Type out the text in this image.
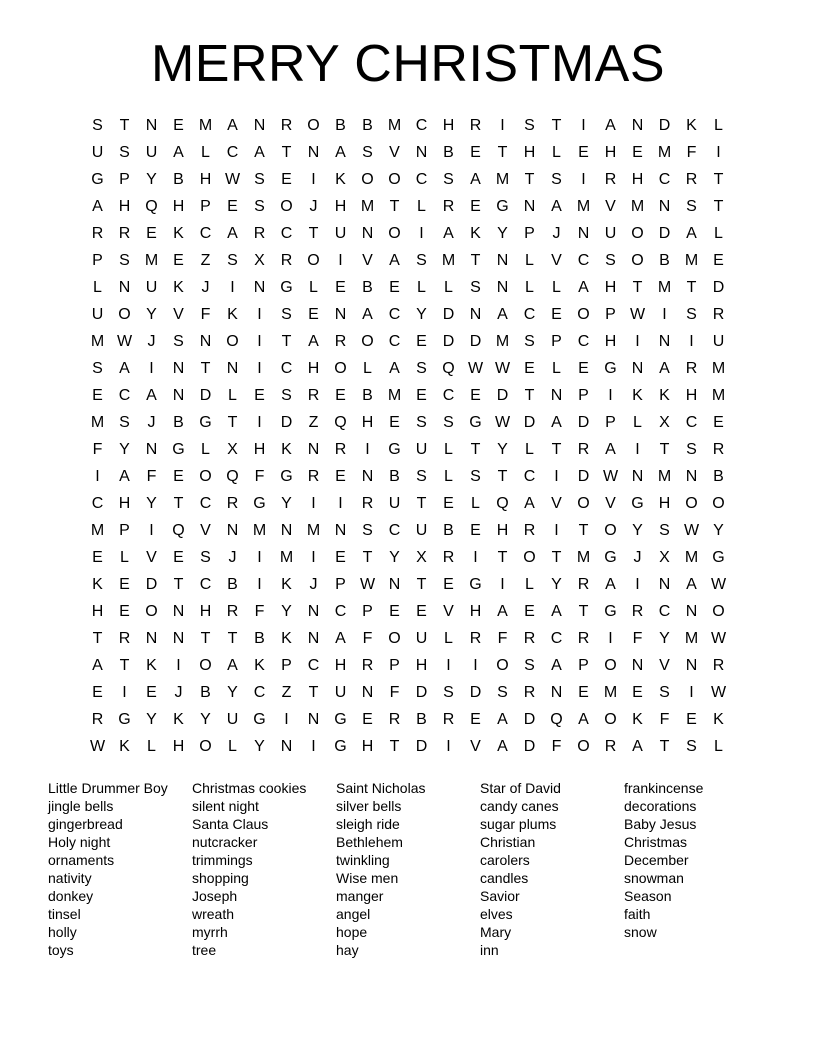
MERRY CHRISTMAS
S	T	N E M A N R O B	B M C H R	I	S	T	I	A N D K	L
U S U A	L	C A	T	N A	S	V N B	E	T	H	L	E H E M F	I
G P	Y	B H W S	E	I	K O O C S	A M T	S	I	R H C R	T
A H Q H P	E	S O	J	H M T	L	R E G N A M V M N S	T
R R E	K C A R C	T	U N O	I	A	K	Y	P	J	N U O D A	L
P	S M E	Z	S	X R O	I	V	A	S M T	N	L	V C S O B M E
L	N U K	J	I	N G	L	E	B	E	L	L	S N	L	L	A H	T M T	D
U O Y	V	F	K	I	S	E N A C Y D N A C E O P W	I	S R
M W J	S N O	I	T	A R O C E D D M S	P C H	I	N	I	U
S	A	I	N	T	N	I	C H O	L	A	S Q W W E	L	E G N A R M
E C A N D	L	E	S R E	B M E C E D	T	N P	I	K	K H M
M S	J	B G T	I	D	Z Q H E	S	S G W D A D P	L	X C E
F	Y N G	L	X H K N R	I	G U	L	T	Y	L	T	R A	I	T	S R
I	A	F	E O Q F G R E N B	S	L	S	T	C	I	D W N M N B
C H Y	T	C R G Y	I	I	R U	T	E	L	Q A	V O V G H O O
M P	I	Q V N M N M N S C U B	E H R	I	T O Y	S W Y
E	L	V	E	S	J	I	M	I	E	T	Y	X R	I	T O T M G	J	X M G
K	E D	T	C B	I	K	J	P W N	T	E G	I	L	Y R A	I	N A W
H E O N H R	F	Y N C P	E	E	V H A	E	A	T G R C N O
T	R N N	T	T	B	K N A	F O U	L	R	F	R C R	I	F	Y M W
A	T	K	I	O A	K	P C H R P H	I	I	O S	A	P O N V N R
E	I	E	J	B	Y C	Z	T	U N	F	D S D S R N E M E	S	I	W
R G Y	K	Y U G	I	N G E R B R E	A D Q A O K	F	E	K
W K	L	H O	L	Y N	I	G H	T	D	I	V	A D	F O R A	T	S	L
Little Drummer Boy
jingle bells
gingerbread
Holy night
ornaments
nativity
donkey
tinsel
holly
toys
Christmas cookies
silent night
Santa Claus
nutcracker
trimmings
shopping
Joseph
wreath
myrrh
tree
Saint Nicholas
silver bells
sleigh ride
Bethlehem
twinkling
Wise men
manger
angel
hope
hay
Star of David
candy canes
sugar plums
Christian
carolers
candles
Savior
elves
Mary
inn
frankincense
decorations
Baby Jesus
Christmas
December
snowman
Season
faith
snow
